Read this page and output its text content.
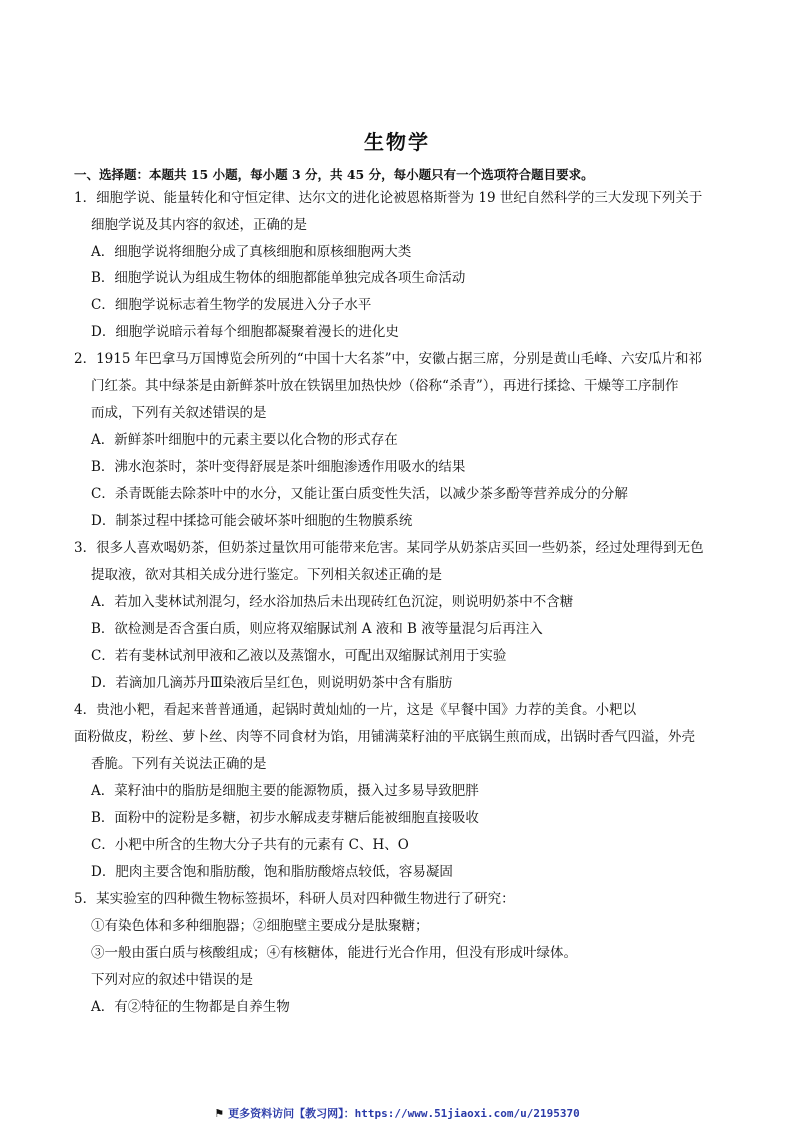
生物学
一、选择题：本题共 15 小题，每小题 3 分，共 45 分，每小题只有一个选项符合题目要求。
1．细胞学说、能量转化和守恒定律、达尔文的进化论被恩格斯誉为 19 世纪自然科学的三大发现下列关于
细胞学说及其内容的叙述，正确的是
A．细胞学说将细胞分成了真核细胞和原核细胞两大类
B．细胞学说认为组成生物体的细胞都能单独完成各项生命活动
C．细胞学说标志着生物学的发展进入分子水平
D．细胞学说暗示着每个细胞都凝聚着漫长的进化史
2．1915 年巴拿马万国博览会所列的“中国十大名茶”中，安徽占据三席，分别是黄山毛峰、六安瓜片和祁
门红茶。其中绿茶是由新鲜茶叶放在铁锅里加热快炒（俗称“杀青”），再进行揉捻、干燥等工序制作
而成，下列有关叙述错误的是
A．新鲜茶叶细胞中的元素主要以化合物的形式存在
B．沸水泡茶时，茶叶变得舒展是茶叶细胞渗透作用吸水的结果
C．杀青既能去除茶叶中的水分，又能让蛋白质变性失活，以减少茶多酚等营养成分的分解
D．制茶过程中揉捻可能会破坏茶叶细胞的生物膜系统
3．很多人喜欢喝奶茶，但奶茶过量饮用可能带来危害。某同学从奶茶店买回一些奶茶，经过处理得到无色
提取液，欲对其相关成分进行鉴定。下列相关叙述正确的是
A．若加入斐林试剂混匀，经水浴加热后未出现砖红色沉淀，则说明奶茶中不含糖
B．欲检测是否含蛋白质，则应将双缩脲试剂 A 液和 B 液等量混匀后再注入
C．若有斐林试剂甲液和乙液以及蒸馏水，可配出双缩脲试剂用于实验
D．若滴加几滴苏丹Ⅲ染液后呈红色，则说明奶茶中含有脂肪
4．贵池小粑，看起来普普通通，起锅时黄灿灿的一片，这是《早餐中国》力荐的美食。小粑以
面粉做皮，粉丝、萝卜丝、肉等不同食材为馅，用铺满菜籽油的平底锅生煎而成，出锅时香气四溢，外壳
香脆。下列有关说法正确的是
A．菜籽油中的脂肪是细胞主要的能源物质，摄入过多易导致肥胖
B．面粉中的淀粉是多糖，初步水解成麦芽糖后能被细胞直接吸收
C．小粑中所含的生物大分子共有的元素有 C、H、O
D．肥肉主要含饱和脂肪酸，饱和脂肪酸熔点较低，容易凝固
5．某实验室的四种微生物标签损坏，科研人员对四种微生物进行了研究：
①有染色体和多种细胞器；②细胞壁主要成分是肽聚糖；
③一般由蛋白质与核酸组成；④有核糖体，能进行光合作用，但没有形成叶绿体。
下列对应的叙述中错误的是
A．有②特征的生物都是自养生物
⚑ 更多资料访问【教习网】：https://www.51jiaoxi.com/u/2195370
